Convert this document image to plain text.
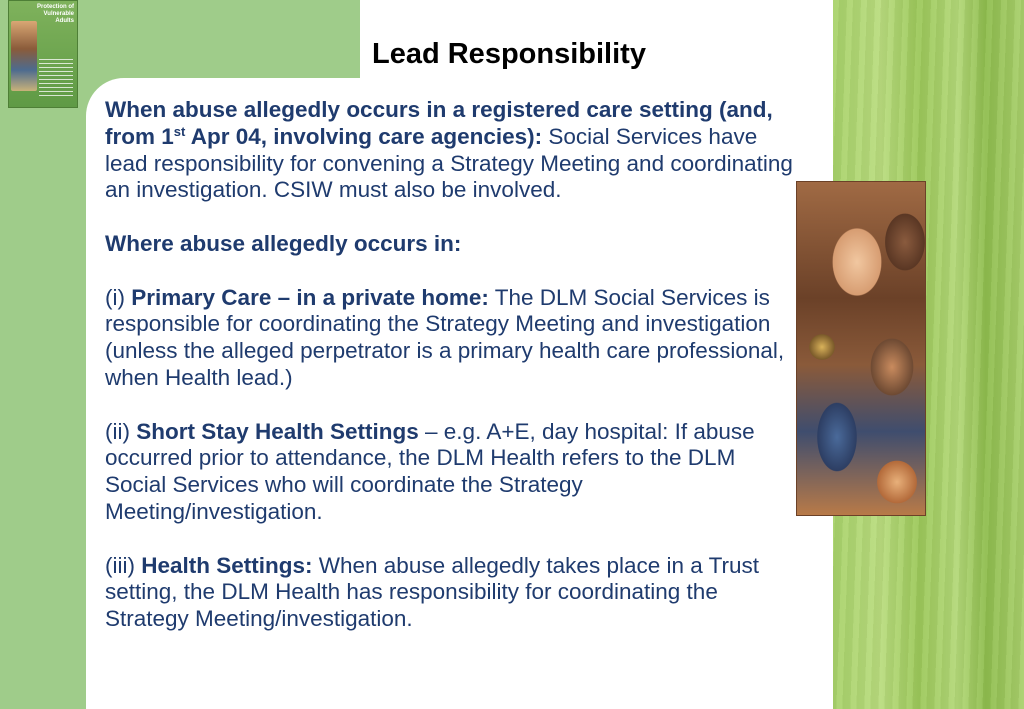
Protection of
Vulnerable
Adults
Lead Responsibility

When abuse allegedly occurs in a registered care setting (and, from 1st Apr 04, involving care agencies): Social Services have lead responsibility for convening a Strategy Meeting and coordinating an investigation. CSIW must also be involved.

Where abuse allegedly occurs in:

(i) Primary Care – in a private home: The DLM Social Services is responsible for coordinating the Strategy Meeting and investigation (unless the alleged perpetrator is a primary health care professional, when Health lead.)

(ii) Short Stay Health Settings – e.g. A+E, day hospital: If abuse occurred prior to attendance, the DLM Health refers to the DLM Social Services who will coordinate the Strategy Meeting/investigation.

(iii) Health Settings: When abuse allegedly takes place in a Trust setting, the DLM Health has responsibility for coordinating the Strategy Meeting/investigation.
